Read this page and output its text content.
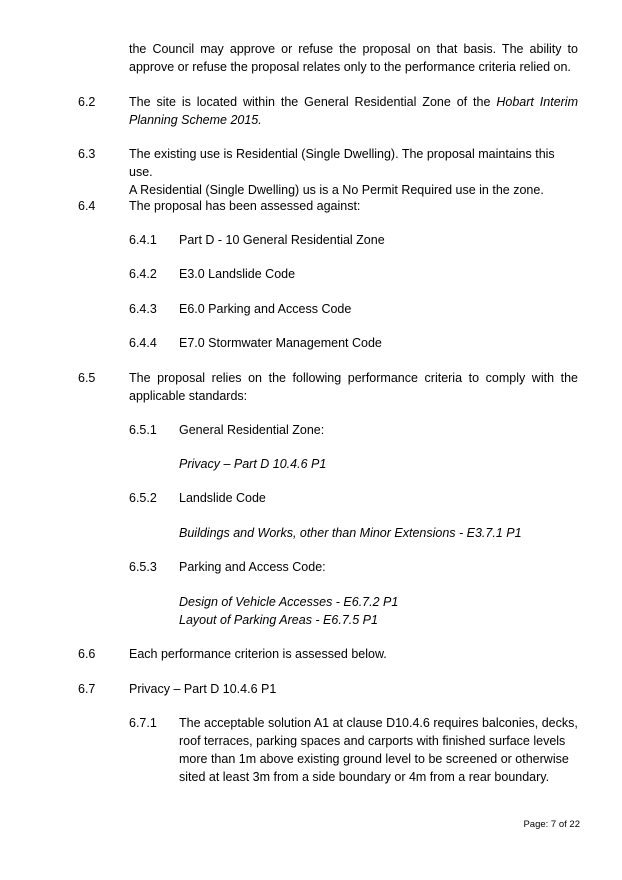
the Council may approve or refuse the proposal on that basis. The ability to
approve or refuse the proposal relates only to the performance criteria relied on.
6.2	The site is located within the General Residential Zone of the Hobart Interim Planning Scheme 2015.
6.3	The existing use is Residential (Single Dwelling). The proposal maintains this use.
A Residential (Single Dwelling) us is a No Permit Required use in the zone.
6.4	The proposal has been assessed against:
6.4.1 Part D - 10 General Residential Zone
6.4.2 E3.0 Landslide Code
6.4.3 E6.0 Parking and Access Code
6.4.4 E7.0 Stormwater Management Code
6.5	The proposal relies on the following performance criteria to comply with the
applicable standards:
6.5.1 General Residential Zone:
Privacy – Part D 10.4.6 P1
6.5.2 Landslide Code
Buildings and Works, other than Minor Extensions - E3.7.1 P1
6.5.3 Parking and Access Code:
Design of Vehicle Accesses - E6.7.2 P1
Layout of Parking Areas - E6.7.5 P1
6.6	Each performance criterion is assessed below.
6.7	Privacy – Part D 10.4.6 P1
6.7.1 The acceptable solution A1 at clause D10.4.6 requires balconies, decks,
roof terraces, parking spaces and carports with finished surface levels
more than 1m above existing ground level to be screened or otherwise
sited at least 3m from a side boundary or 4m from a rear boundary.
Page: 7 of 22
